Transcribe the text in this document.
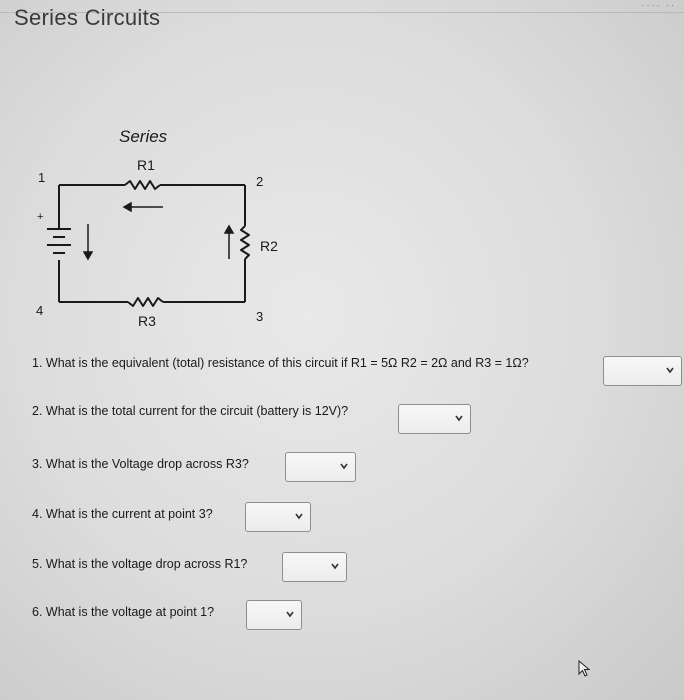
···· ··
Series Circuits
Series
R1
R2
R3
1	2
3
4
+
1. What is the equivalent (total) resistance of this circuit if R1 = 5Ω R2 = 2Ω and R3 = 1Ω?
2. What is the total current for the circuit (battery is 12V)?
3. What is the Voltage drop across R3?
4. What is the current at point 3?
5. What is the voltage drop across R1?
6. What is the voltage at point 1?
